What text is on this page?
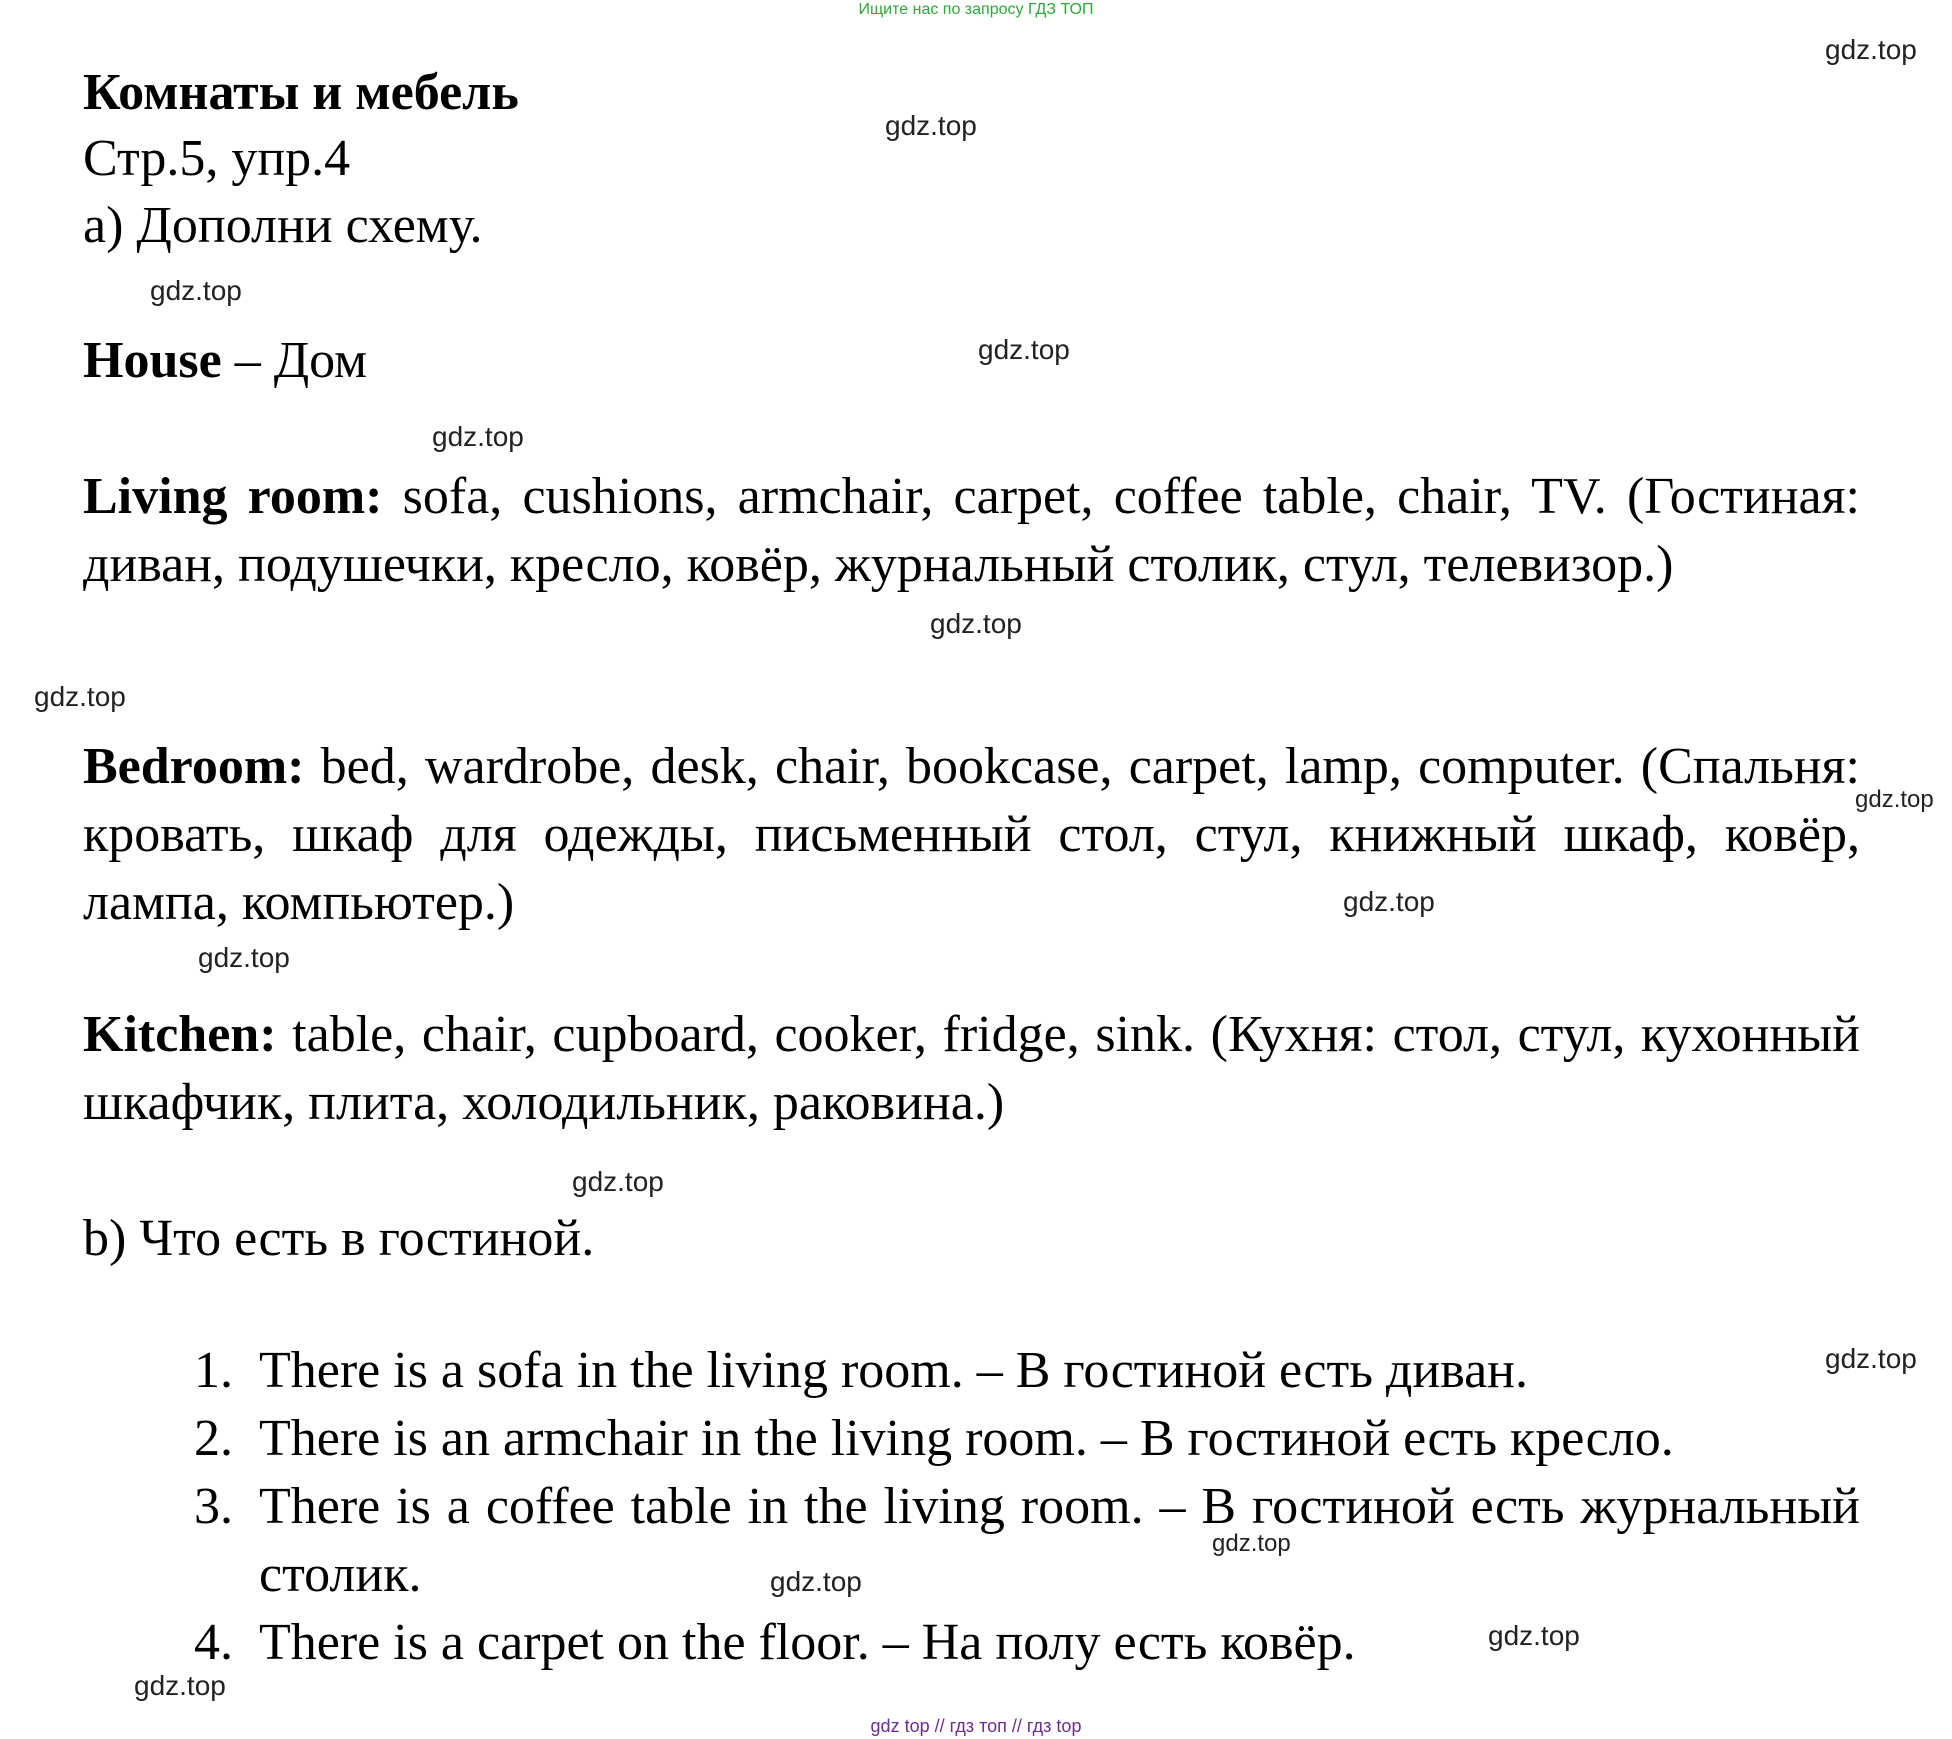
Ищите нас по запросу ГДЗ ТОП
Комнаты и мебель
Стр.5, упр.4
а) Дополни схему.
House – Дом
Living room: sofa, cushions, armchair, carpet, coffee table, chair, TV. (Гостиная: диван, подушечки, кресло, ковёр, журнальный столик, стул, телевизор.)
Bedroom: bed, wardrobe, desk, chair, bookcase, carpet, lamp, computer. (Спальня: кровать, шкаф для одежды, письменный стол, стул, книжный шкаф, ковёр, лампа, компьютер.)
Kitchen: table, chair, cupboard, cooker, fridge, sink. (Кухня: стол, стул, кухонный шкафчик, плита, холодильник, раковина.)
b) Что есть в гостиной.
1. There is a sofa in the living room. – В гостиной есть диван.
2. There is an armchair in the living room. – В гостиной есть кресло.
3. There is a coffee table in the living room. – В гостиной есть журнальный столик.
4. There is a carpet on the floor. – На полу есть ковёр.
gdz.top
gdz.top
gdz.top
gdz.top
gdz.top
gdz.top
gdz.top
gdz.top
gdz.top
gdz.top
gdz.top
gdz.top
gdz.top
gdz.top
gdz.top
gdz.top
gdz top // гдз топ // гдз top
